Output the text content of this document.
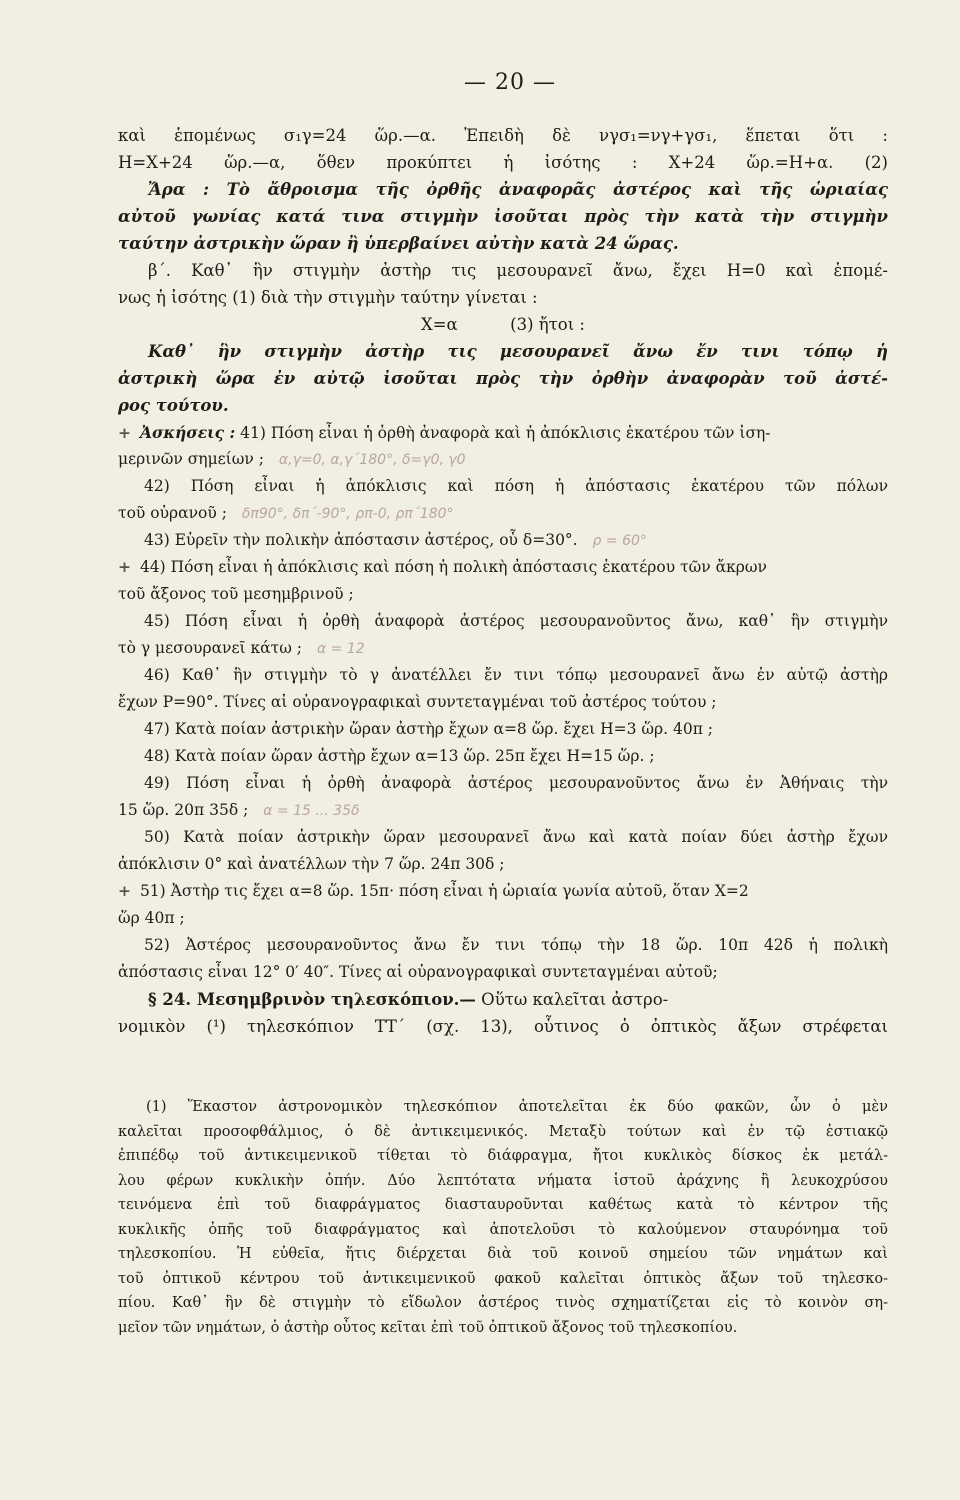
— 20 —
καὶ ἑπομένως σ₁γ=24 ὥρ.—α. Ἐπειδὴ δὲ νγσ₁=νγ+γσ₁, ἕπεται ὅτι :
Η=Χ+24 ὥρ.—α, ὅθεν προκύπτει ἡ ἰσότης : Χ+24 ὥρ.=Η+α. (2)
Ἄρα : Τὸ ἄθροισμα τῆς ὀρθῆς ἀναφορᾶς ἀστέρος καὶ τῆς ὡριαίας
αὐτοῦ γωνίας κατά τινα στιγμὴν ἰσοῦται πρὸς τὴν κατὰ τὴν στιγμὴν
ταύτην ἀστρικὴν ὥραν ἢ ὑπερβαίνει αὐτὴν κατὰ 24 ὥρας.
β΄. Καθ᾽ ἣν στιγμὴν ἀστὴρ τις μεσουρανεῖ ἄνω, ἔχει Η=0 καὶ ἑπομέ-
νως ἡ ἰσότης (1) διὰ τὴν στιγμὴν ταύτην γίνεται :
Χ=α          (3) ἤτοι :
Καθ᾽ ἣν στιγμὴν ἀστὴρ τις μεσουρανεῖ ἄνω ἔν τινι τόπῳ ἡ
ἀστρικὴ ὥρα ἐν αὐτῷ ἰσοῦται πρὸς τὴν ὀρθὴν ἀναφορὰν τοῦ ἀστέ-
ρος τούτου.
+ Ἀσκήσεις : 41) Πόση εἶναι ἡ ὀρθὴ ἀναφορὰ καὶ ἡ ἀπόκλισις ἑκατέρου τῶν ἰση-
μερινῶν σημείων ; α,γ=0, α,γ΄180°, δ=γ0, γ0
42) Πόση εἶναι ἡ ἀπόκλισις καὶ πόση ἡ ἀπόστασις ἑκατέρου τῶν πόλων
τοῦ οὐρανοῦ ; δπ90°, δπ΄-90°, ρπ-0, ρπ΄180°
43) Εὑρεῖν τὴν πολικὴν ἀπόστασιν ἀστέρος, οὗ δ=30°. ρ = 60°
+ 44) Πόση εἶναι ἡ ἀπόκλισις καὶ πόση ἡ πολικὴ ἀπόστασις ἑκατέρου τῶν ἄκρων
τοῦ ἄξονος τοῦ μεσημβρινοῦ ;
45) Πόση εἶναι ἡ ὀρθὴ ἀναφορὰ ἀστέρος μεσουρανοῦντος ἄνω, καθ᾽ ἣν στιγμὴν
τὸ γ μεσουρανεῖ κάτω ; α = 12
46) Καθ᾽ ἣν στιγμὴν τὸ γ ἀνατέλλει ἔν τινι τόπῳ μεσουρανεῖ ἄνω ἐν αὐτῷ ἀστὴρ
ἔχων Ρ=90°. Τίνες αἱ οὐρανογραφικαὶ συντεταγμέναι τοῦ ἀστέρος τούτου ;
47) Κατὰ ποίαν ἀστρικὴν ὥραν ἀστὴρ ἔχων α=8 ὥρ. ἔχει Η=3 ὥρ. 40π ;
48) Κατὰ ποίαν ὥραν ἀστὴρ ἔχων α=13 ὥρ. 25π ἔχει Η=15 ὥρ. ;
49) Πόση εἶναι ἡ ὀρθὴ ἀναφορὰ ἀστέρος μεσουρανοῦντος ἄνω ἐν Ἀθήναις τὴν
15 ὥρ. 20π 35δ ; α = 15 ... 35δ
50) Κατὰ ποίαν ἀστρικὴν ὥραν μεσουρανεῖ ἄνω καὶ κατὰ ποίαν δύει ἀστὴρ ἔχων
ἀπόκλισιν 0° καὶ ἀνατέλλων τὴν 7 ὥρ. 24π 30δ ;
+ 51) Ἀστὴρ τις ἔχει α=8 ὥρ. 15π· πόση εἶναι ἡ ὡριαία γωνία αὐτοῦ, ὅταν Χ=2
ὥρ 40π ;
52) Ἀστέρος μεσουρανοῦντος ἄνω ἔν τινι τόπῳ τὴν 18 ὥρ. 10π 42δ ἡ πολικὴ
ἀπόστασις εἶναι 12° 0′ 40″. Τίνες αἱ οὐρανογραφικαὶ συντεταγμέναι αὐτοῦ;
§ 24. Μεσημβρινὸν τηλεσκόπιον.— Οὕτω καλεῖται ἀστρο-
νομικὸν (¹) τηλεσκόπιον ΤΤ΄ (σχ. 13), οὗτινος ὁ ὀπτικὸς ἄξων στρέφεται
(1) Ἕκαστον ἀστρονομικὸν τηλεσκόπιον ἀποτελεῖται ἐκ δύο φακῶν, ὧν ὁ μὲν
καλεῖται προσοφθάλμιος, ὁ δὲ ἀντικειμενικός. Μεταξὺ τούτων καὶ ἐν τῷ ἑστιακῷ
ἐπιπέδῳ τοῦ ἀντικειμενικοῦ τίθεται τὸ διάφραγμα, ἤτοι κυκλικὸς δίσκος ἐκ μετάλ-
λου φέρων κυκλικὴν ὀπήν. Δύο λεπτότατα νήματα ἱστοῦ ἀράχνης ἢ λευκοχρύσου
τεινόμενα ἐπὶ τοῦ διαφράγματος διασταυροῦνται καθέτως κατὰ τὸ κέντρον τῆς
κυκλικῆς ὀπῆς τοῦ διαφράγματος καὶ ἀποτελοῦσι τὸ καλούμενον σταυρόνημα τοῦ
τηλεσκοπίου. Ἡ εὐθεῖα, ἥτις διέρχεται διὰ τοῦ κοινοῦ σημείου τῶν νημάτων καὶ
τοῦ ὀπτικοῦ κέντρου τοῦ ἀντικειμενικοῦ φακοῦ καλεῖται ὀπτικὸς ἄξων τοῦ τηλεσκο-
πίου. Καθ᾽ ἣν δὲ στιγμὴν τὸ εἴδωλον ἀστέρος τινὸς σχηματίζεται εἰς τὸ κοινὸν ση-
μεῖον τῶν νημάτων, ὁ ἀστὴρ οὗτος κεῖται ἐπὶ τοῦ ὀπτικοῦ ἄξονος τοῦ τηλεσκοπίου.
